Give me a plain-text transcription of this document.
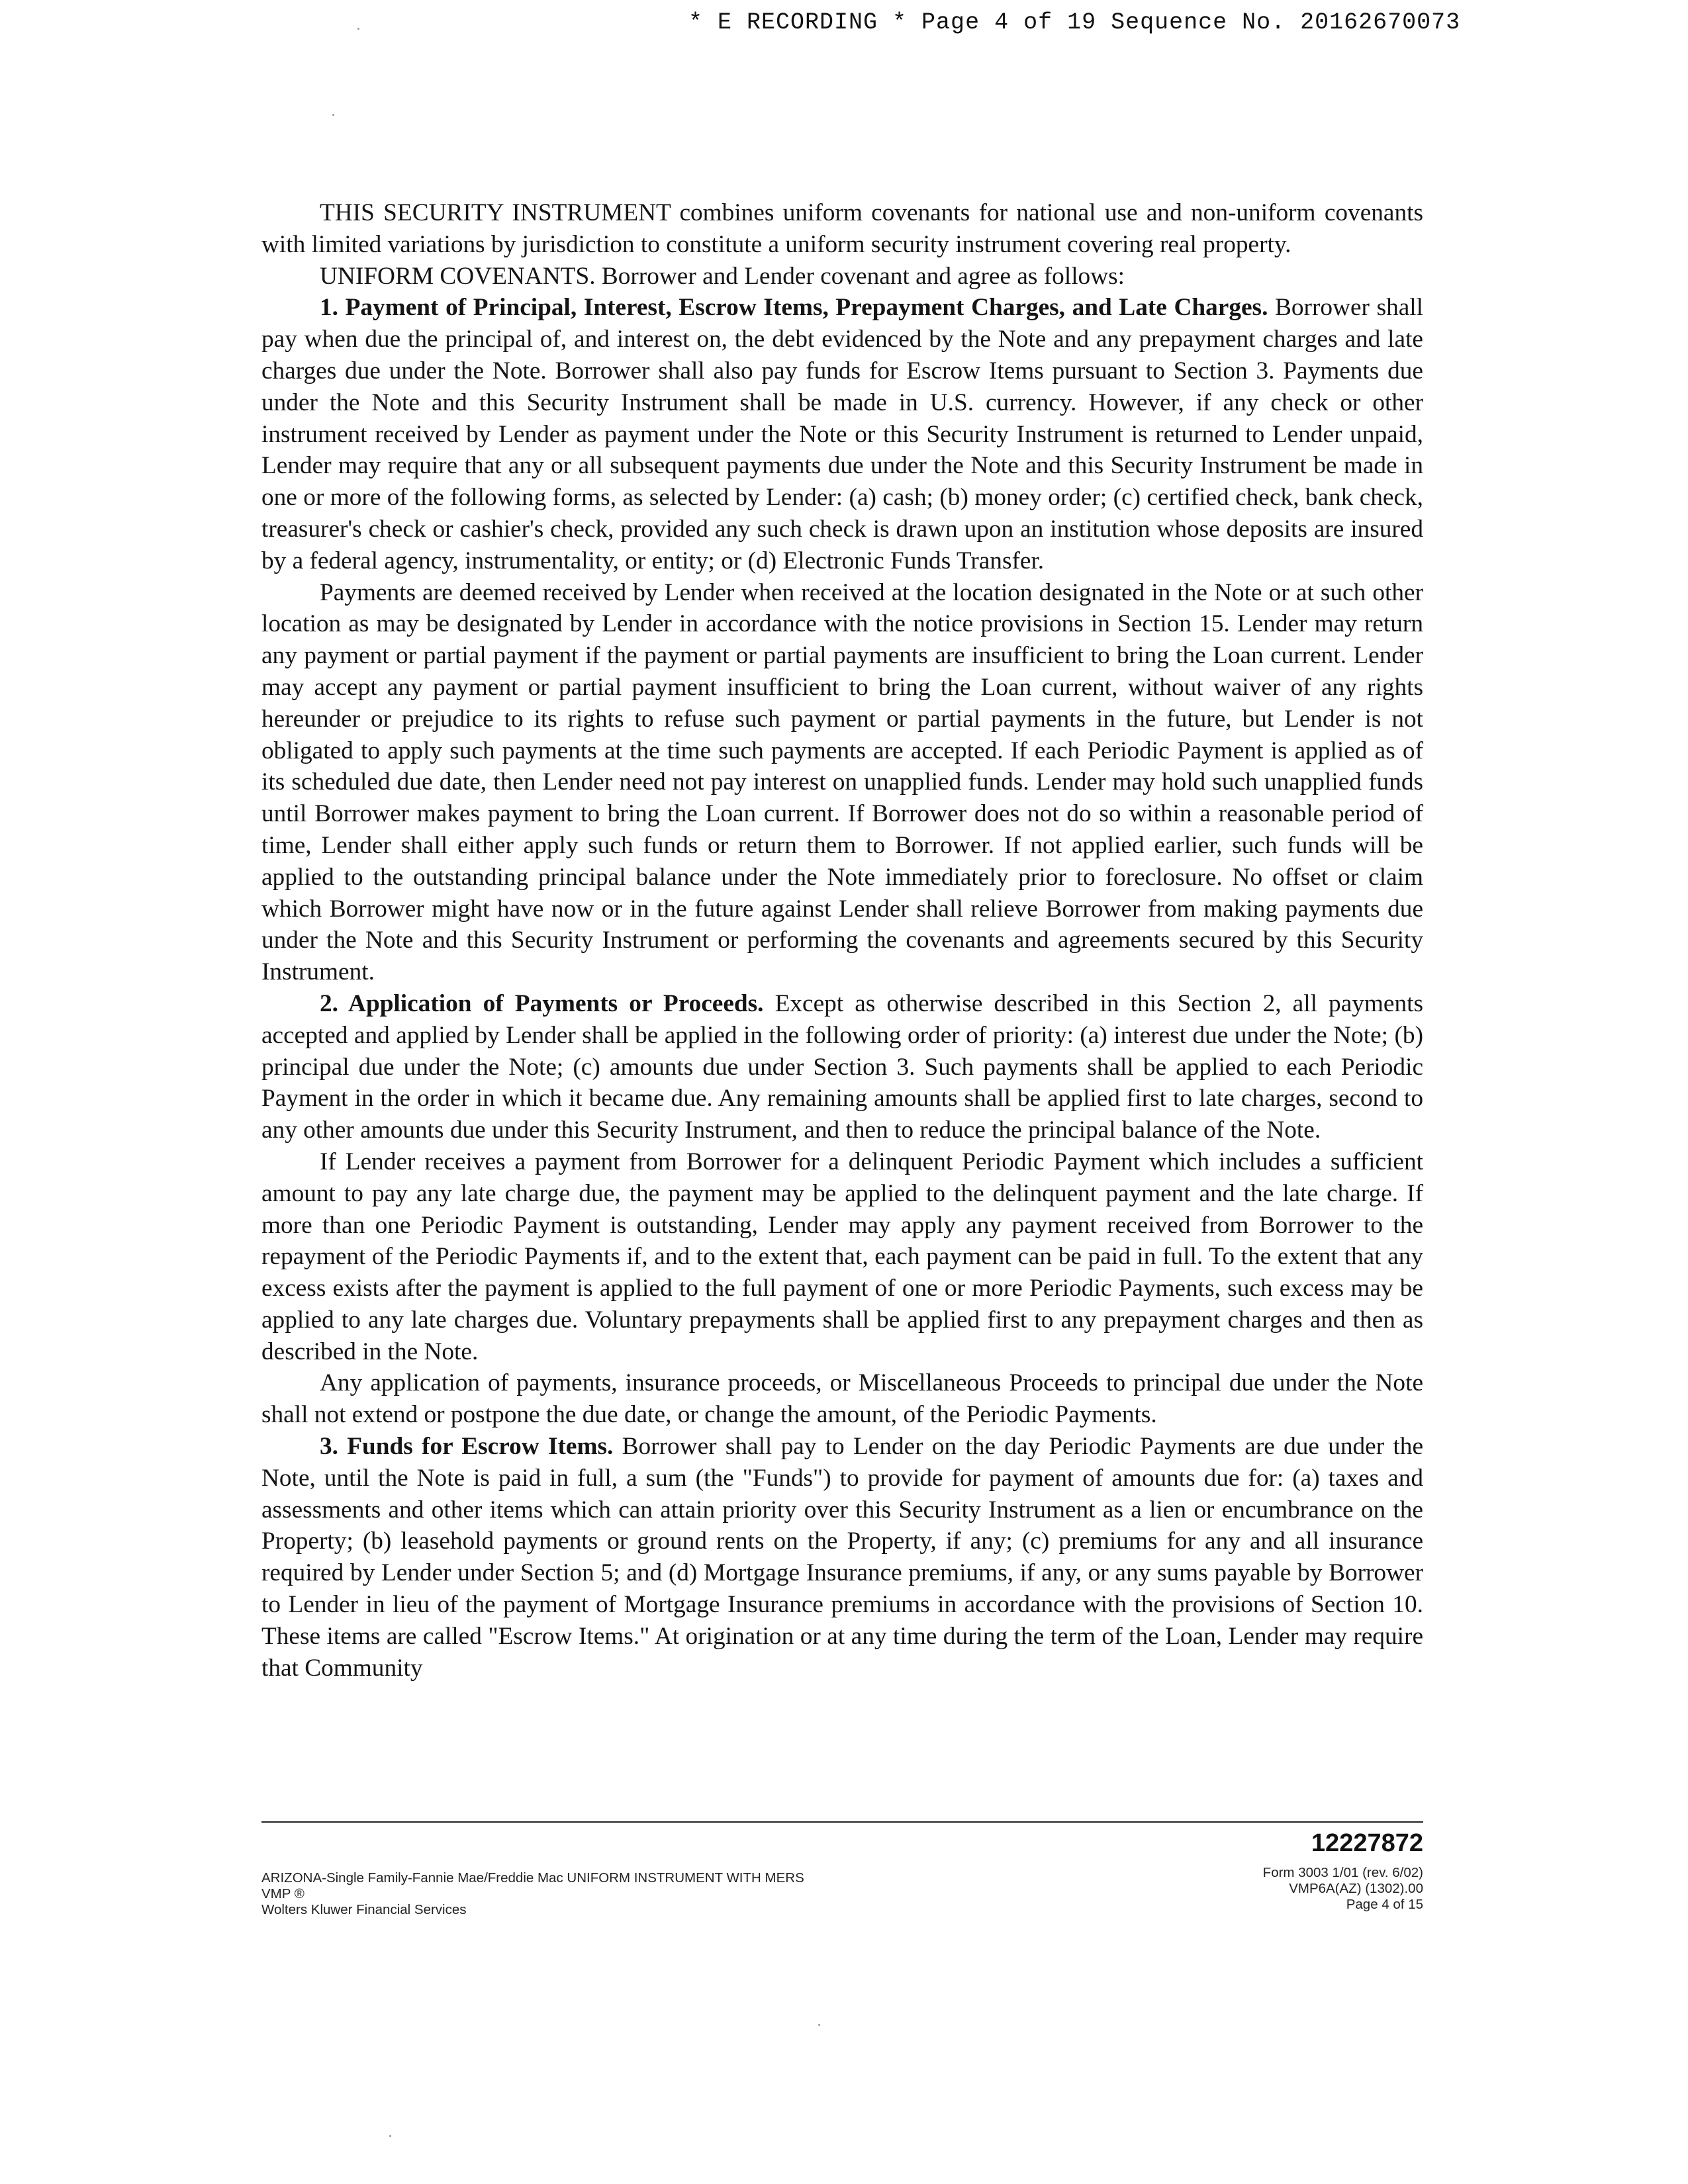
* E RECORDING * Page 4 of 19 Sequence No. 20162670073

THIS SECURITY INSTRUMENT combines uniform covenants for national use and non-uniform covenants with limited variations by jurisdiction to constitute a uniform security instrument covering real property.

UNIFORM COVENANTS. Borrower and Lender covenant and agree as follows:

1. Payment of Principal, Interest, Escrow Items, Prepayment Charges, and Late Charges. Borrower shall pay when due the principal of, and interest on, the debt evidenced by the Note and any prepayment charges and late charges due under the Note. Borrower shall also pay funds for Escrow Items pursuant to Section 3. Payments due under the Note and this Security Instrument shall be made in U.S. currency. However, if any check or other instrument received by Lender as payment under the Note or this Security Instrument is returned to Lender unpaid, Lender may require that any or all subsequent payments due under the Note and this Security Instrument be made in one or more of the following forms, as selected by Lender: (a) cash; (b) money order; (c) certified check, bank check, treasurer's check or cashier's check, provided any such check is drawn upon an institution whose deposits are insured by a federal agency, instrumentality, or entity; or (d) Electronic Funds Transfer.

Payments are deemed received by Lender when received at the location designated in the Note or at such other location as may be designated by Lender in accordance with the notice provisions in Section 15. Lender may return any payment or partial payment if the payment or partial payments are insufficient to bring the Loan current. Lender may accept any payment or partial payment insufficient to bring the Loan current, without waiver of any rights hereunder or prejudice to its rights to refuse such payment or partial payments in the future, but Lender is not obligated to apply such payments at the time such payments are accepted. If each Periodic Payment is applied as of its scheduled due date, then Lender need not pay interest on unapplied funds. Lender may hold such unapplied funds until Borrower makes payment to bring the Loan current. If Borrower does not do so within a reasonable period of time, Lender shall either apply such funds or return them to Borrower. If not applied earlier, such funds will be applied to the outstanding principal balance under the Note immediately prior to foreclosure. No offset or claim which Borrower might have now or in the future against Lender shall relieve Borrower from making payments due under the Note and this Security Instrument or performing the covenants and agreements secured by this Security Instrument.

2. Application of Payments or Proceeds. Except as otherwise described in this Section 2, all payments accepted and applied by Lender shall be applied in the following order of priority: (a) interest due under the Note; (b) principal due under the Note; (c) amounts due under Section 3. Such payments shall be applied to each Periodic Payment in the order in which it became due. Any remaining amounts shall be applied first to late charges, second to any other amounts due under this Security Instrument, and then to reduce the principal balance of the Note.

If Lender receives a payment from Borrower for a delinquent Periodic Payment which includes a sufficient amount to pay any late charge due, the payment may be applied to the delinquent payment and the late charge. If more than one Periodic Payment is outstanding, Lender may apply any payment received from Borrower to the repayment of the Periodic Payments if, and to the extent that, each payment can be paid in full. To the extent that any excess exists after the payment is applied to the full payment of one or more Periodic Payments, such excess may be applied to any late charges due. Voluntary prepayments shall be applied first to any prepayment charges and then as described in the Note.

Any application of payments, insurance proceeds, or Miscellaneous Proceeds to principal due under the Note shall not extend or postpone the due date, or change the amount, of the Periodic Payments.

3. Funds for Escrow Items. Borrower shall pay to Lender on the day Periodic Payments are due under the Note, until the Note is paid in full, a sum (the "Funds") to provide for payment of amounts due for: (a) taxes and assessments and other items which can attain priority over this Security Instrument as a lien or encumbrance on the Property; (b) leasehold payments or ground rents on the Property, if any; (c) premiums for any and all insurance required by Lender under Section 5; and (d) Mortgage Insurance premiums, if any, or any sums payable by Borrower to Lender in lieu of the payment of Mortgage Insurance premiums in accordance with the provisions of Section 10. These items are called "Escrow Items." At origination or at any time during the term of the Loan, Lender may require that Community

12227872
ARIZONA-Single Family-Fannie Mae/Freddie Mac UNIFORM INSTRUMENT WITH MERS
VMP ®
Wolters Kluwer Financial Services
Form 3003 1/01 (rev. 6/02)
VMP6A(AZ) (1302).00
Page 4 of 15
